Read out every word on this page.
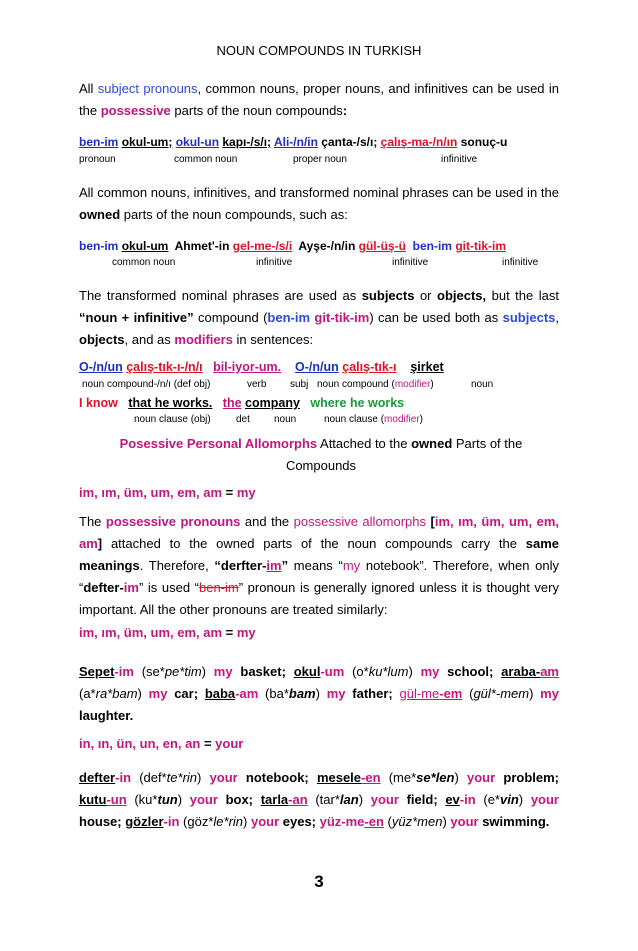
NOUN COMPOUNDS IN TURKISH
All subject pronouns, common nouns, proper nouns, and infinitives can be used in the possessive parts of the noun compounds:
ben-im okul-um; okul-un kapı-/s/ı; Ali-/n/in çanta-/s/ı; çalış-ma-/n/ın sonuç-u
pronoun	common noun	proper noun	infinitive
All common nouns, infinitives, and transformed nominal phrases can be used in the owned parts of the noun compounds, such as:
ben-im okul-um Ahmet'-in gel-me-/s/i Ayşe-/n/in gül-üş-ü ben-im git-tik-im
common noun	infinitive	infinitive	infinitive
The transformed nominal phrases are used as subjects or objects, but the last “noun + infinitive” compound (ben-im git-tik-im) can be used both as subjects, objects, and as modifiers in sentences:
O-/n/un çalış-tık-ı-/n/ı bil-iyor-um. O-/n/un çalış-tık-ı şirket
noun compound-/n/ı (def obj)	verb subj noun compound (modifier)	noun
I know that he works. the company where he works
noun clause (obj)	det noun	noun clause (modifier)
Posessive Personal Allomorphs Attached to the owned Parts of the
Compounds
im, ım, üm, um, em, am = my
The possessive pronouns and the possessive allomorphs [im, ım, üm, um, em, am] attached to the owned parts of the noun compounds carry the same meanings. Therefore, “derfter-im” means “my notebook”. Therefore, when only “defter-im” is used “ben-im” pronoun is generally ignored unless it is thought very important. All the other pronouns are treated similarly:
im, ım, üm, um, em, am = my
Sepet-im (se*pe*tim) my basket; okul-um (o*ku*lum) my school; araba-am (a*ra*bam) my car; baba-am (ba*bam) my father; gül-me-em (gül*-mem) my laughter.
in, ın, ün, un, en, an = your
defter-in (def*te*rin) your notebook; mesele-en (me*se*len) your problem; kutu-un (ku*tun) your box; tarla-an (tar*lan) your field; ev-in (e*vin) your house; gözler-in (göz*le*rin) your eyes; yüz-me-en (yüz*men) your swimming.
3
